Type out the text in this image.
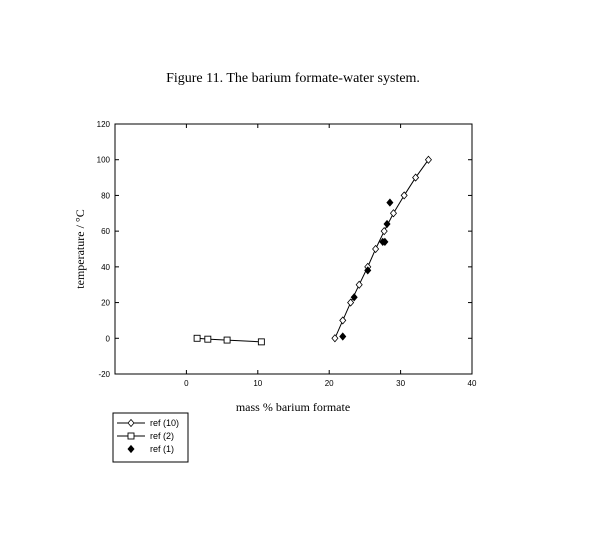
Figure 11. The barium formate-water system.
0	10	20	30	40
-20
0
20
40
60
80
100
120
mass % barium formate
temperature / °C
ref (10)
ref (2)
ref (1)
